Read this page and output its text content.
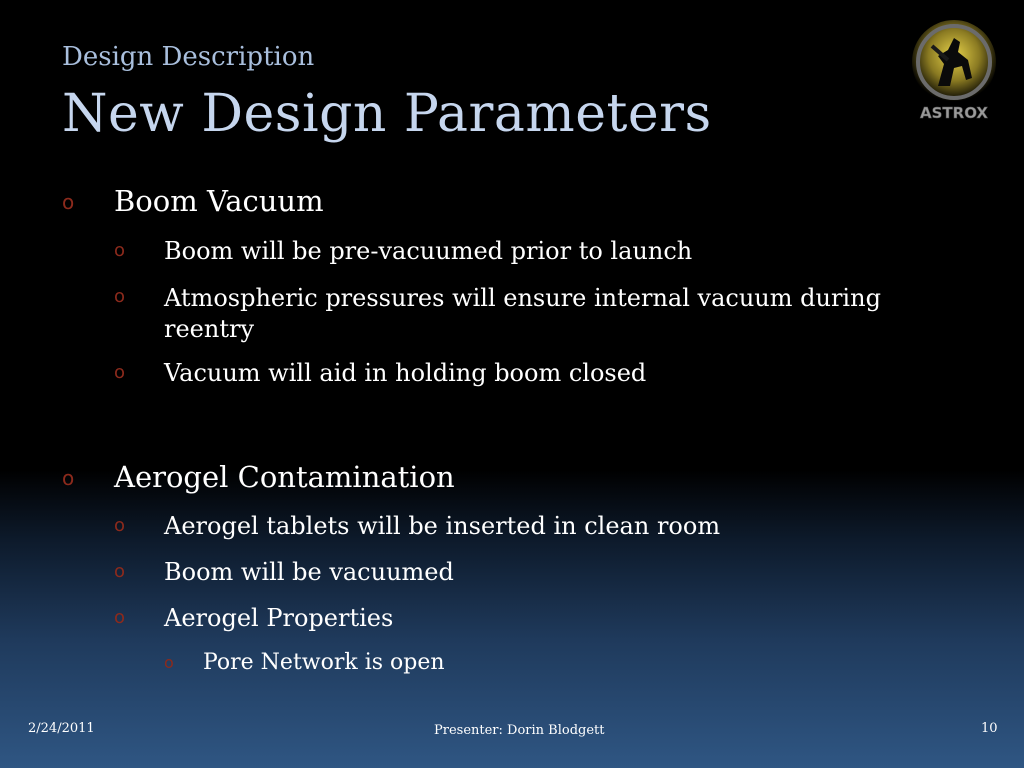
Design Description
New Design Parameters	ASTROX
o	Boom Vacuum
o	Boom will be pre-vacuumed prior to launch
o	Atmospheric pressures will ensure internal vacuum during reentry
o	Vacuum will aid in holding boom closed
o	Aerogel Contamination
o	Aerogel tablets will be inserted in clean room
o	Boom will be vacuumed
o	Aerogel Properties
o	Pore Network is open
2/24/2011	Presenter: Dorin Blodgett	10
